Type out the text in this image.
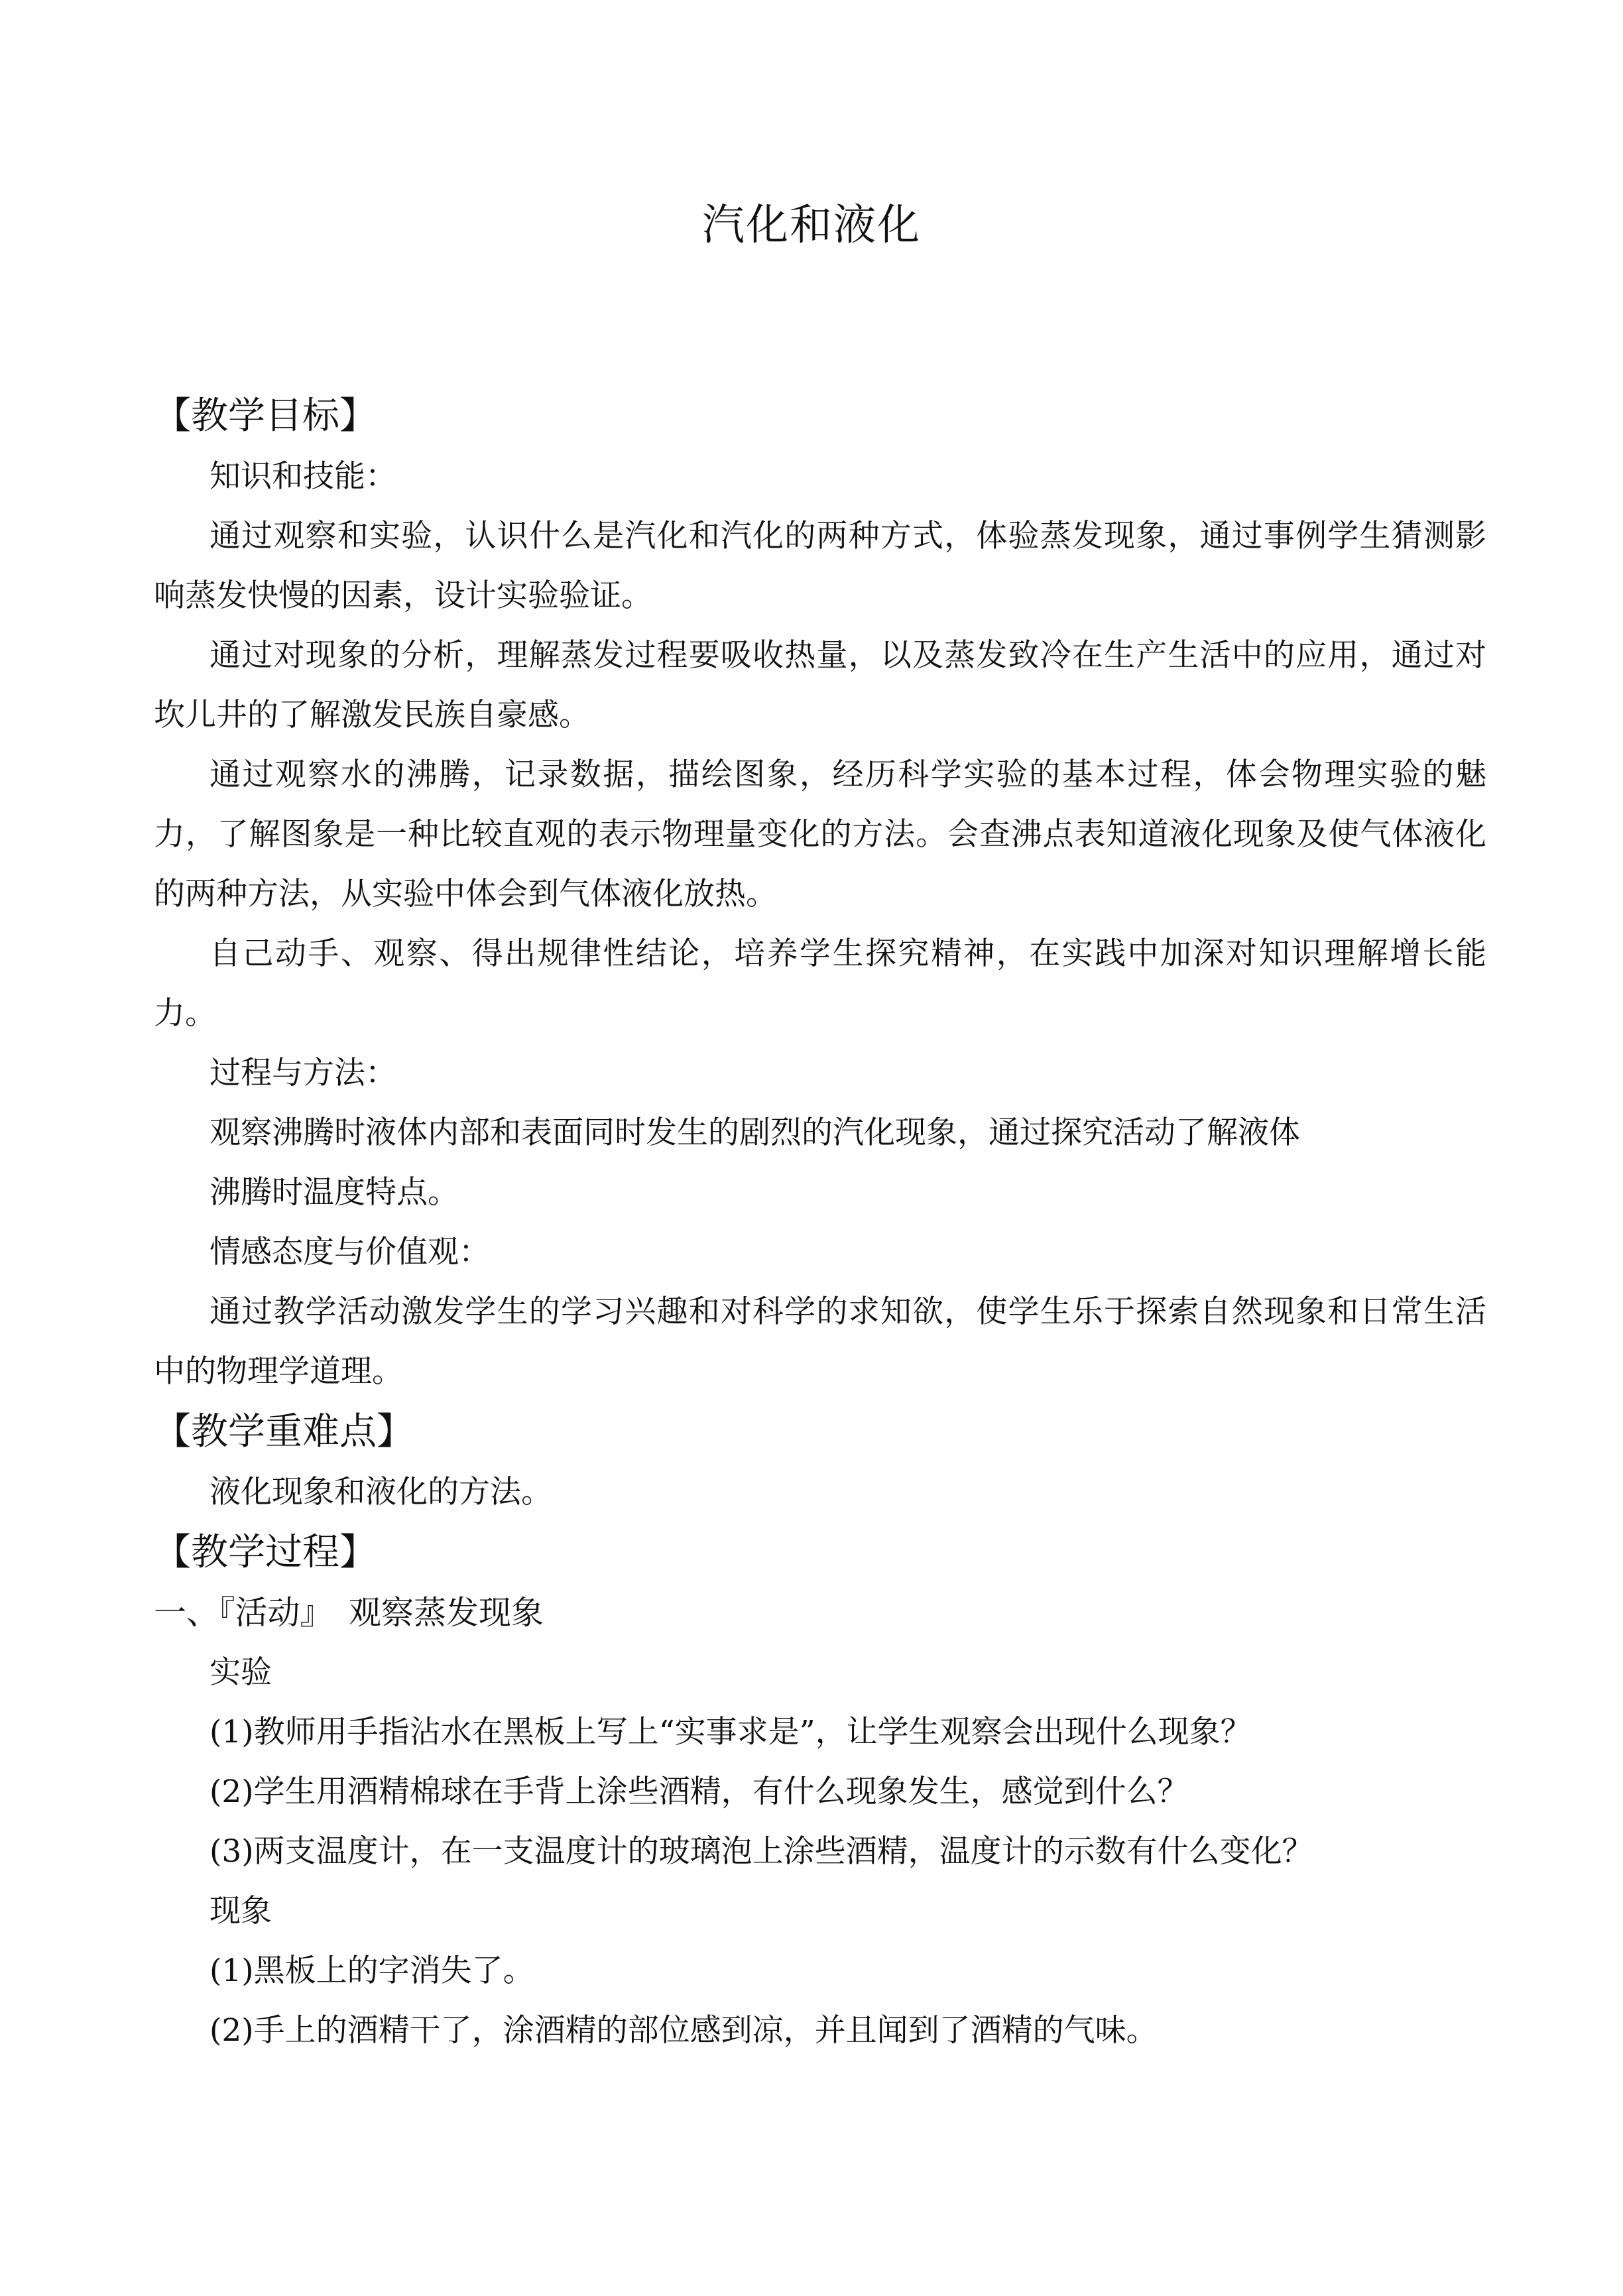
汽化和液化
【教学目标】
知识和技能：

通过观察和实验，认识什么是汽化和汽化的两种方式，体验蒸发现象，通过事例学生猜测影响蒸发快慢的因素，设计实验验证。

通过对现象的分析，理解蒸发过程要吸收热量，以及蒸发致冷在生产生活中的应用，通过对坎儿井的了解激发民族自豪感。

通过观察水的沸腾，记录数据，描绘图象，经历科学实验的基本过程，体会物理实验的魅力，了解图象是一种比较直观的表示物理量变化的方法。会查沸点表知道液化现象及使气体液化的两种方法，从实验中体会到气体液化放热。

自己动手、观察、得出规律性结论，培养学生探究精神，在实践中加深对知识理解增长能力。

过程与方法：
观察沸腾时液体内部和表面同时发生的剧烈的汽化现象，通过探究活动了解液体
沸腾时温度特点。
情感态度与价值观：

通过教学活动激发学生的学习兴趣和对科学的求知欲，使学生乐于探索自然现象和日常生活中的物理学道理。

【教学重难点】

液化现象和液化的方法。

【教学过程】
一、『活动』　观察蒸发现象
实验
(1)教师用手指沾水在黑板上写上“实事求是”，让学生观察会出现什么现象？
(2)学生用酒精棉球在手背上涂些酒精，有什么现象发生，感觉到什么？
(3)两支温度计，在一支温度计的玻璃泡上涂些酒精，温度计的示数有什么变化？
现象
(1)黑板上的字消失了。
(2)手上的酒精干了，涂酒精的部位感到凉，并且闻到了酒精的气味。
